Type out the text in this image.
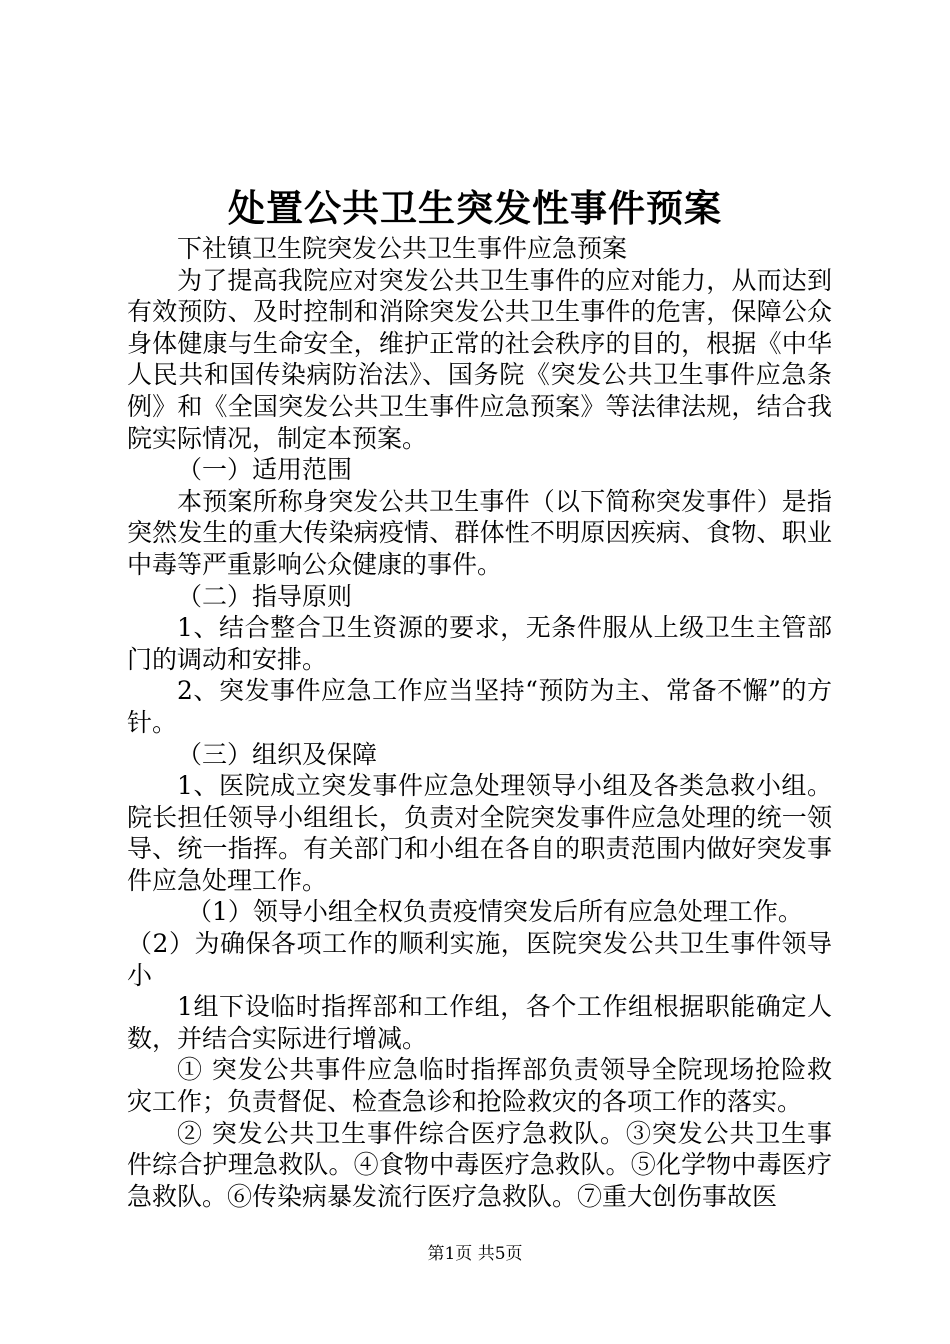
处置公共卫生突发性事件预案

下社镇卫生院突发公共卫生事件应急预案

为了提高我院应对突发公共卫生事件的应对能力，从而达到有效预防、及时控制和消除突发公共卫生事件的危害，保障公众身体健康与生命安全，维护正常的社会秩序的目的，根据《中华人民共和国传染病防治法》、国务院《突发公共卫生事件应急条例》和《全国突发公共卫生事件应急预案》等法律法规，结合我院实际情况，制定本预案。

（一）适用范围

本预案所称身突发公共卫生事件（以下简称突发事件）是指突然发生的重大传染病疫情、群体性不明原因疾病、食物、职业中毒等严重影响公众健康的事件。

（二）指导原则

1、结合整合卫生资源的要求，无条件服从上级卫生主管部门的调动和安排。

2、突发事件应急工作应当坚持“预防为主、常备不懈”的方针。

（三）组织及保障

1、医院成立突发事件应急处理领导小组及各类急救小组。院长担任领导小组组长，负责对全院突发事件应急处理的统一领导、统一指挥。有关部门和小组在各自的职责范围内做好突发事件应急处理工作。

（1）领导小组全权负责疫情突发后所有应急处理工作。

（2）为确保各项工作的顺利实施，医院突发公共卫生事件领导小

1组下设临时指挥部和工作组，各个工作组根据职能确定人数，并结合实际进行增减。

① 突发公共事件应急临时指挥部负责领导全院现场抢险救灾工作；负责督促、检查急诊和抢险救灾的各项工作的落实。

② 突发公共卫生事件综合医疗急救队。③突发公共卫生事件综合护理急救队。④食物中毒医疗急救队。⑤化学物中毒医疗急救队。⑥传染病暴发流行医疗急救队。⑦重大创伤事故医

第1页 共5页
